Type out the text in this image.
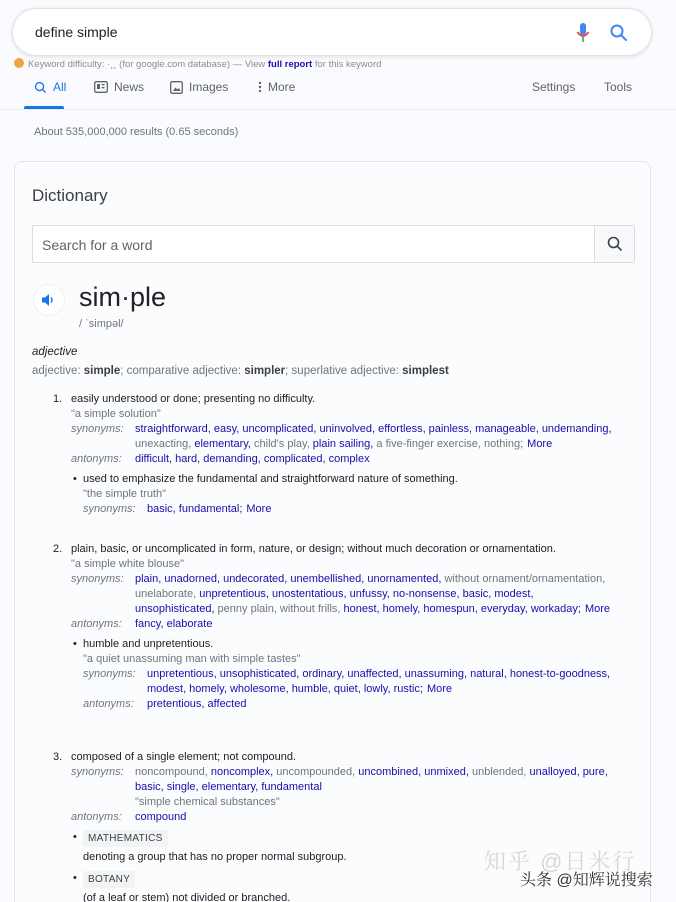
define simple
Keyword difficulty: ·¸¸ (for google.com database) — View full report for this keyword
All	News	Images	More	Settings Tools
About 535,000,000 results (0.65 seconds)
Dictionary
Search for a word
sim·ple
/ ˈsimpəl/
adjective
adjective: simple; comparative adjective: simpler; superlative adjective: simplest
1. easily understood or done; presenting no difficulty.
"a simple solution"
synonyms:	straightforward, easy, uncomplicated, uninvolved, effortless, painless, manageable, undemanding, unexacting, elementary, child's play, plain sailing, a five-finger exercise, nothing; More
antonyms:	difficult, hard, demanding, complicated, complex
• used to emphasize the fundamental and straightforward nature of something.
"the simple truth"
synonyms:	basic, fundamental; More
2. plain, basic, or uncomplicated in form, nature, or design; without much decoration or ornamentation.
"a simple white blouse"
synonyms:	plain, unadorned, undecorated, unembellished, unornamented, without ornament/ornamentation, unelaborate, unpretentious, unostentatious, unfussy, no-nonsense, basic, modest, unsophisticated, penny plain, without frills, honest, homely, homespun, everyday, workaday; More
antonyms:	fancy, elaborate
• humble and unpretentious.
"a quiet unassuming man with simple tastes"
synonyms:	unpretentious, unsophisticated, ordinary, unaffected, unassuming, natural, honest-to-goodness, modest, homely, wholesome, humble, quiet, lowly, rustic; More
antonyms:	pretentious, affected
3. composed of a single element; not compound.
synonyms:	noncompound, noncomplex, uncompounded, uncombined, unmixed, unblended, unalloyed, pure, basic, single, elementary, fundamental
"simple chemical substances"
antonyms:	compound
• MATHEMATICS
denoting a group that has no proper normal subgroup.
• BOTANY
(of a leaf or stem) not divided or branched.
知乎 @日米行
头条 @知辉说搜索
